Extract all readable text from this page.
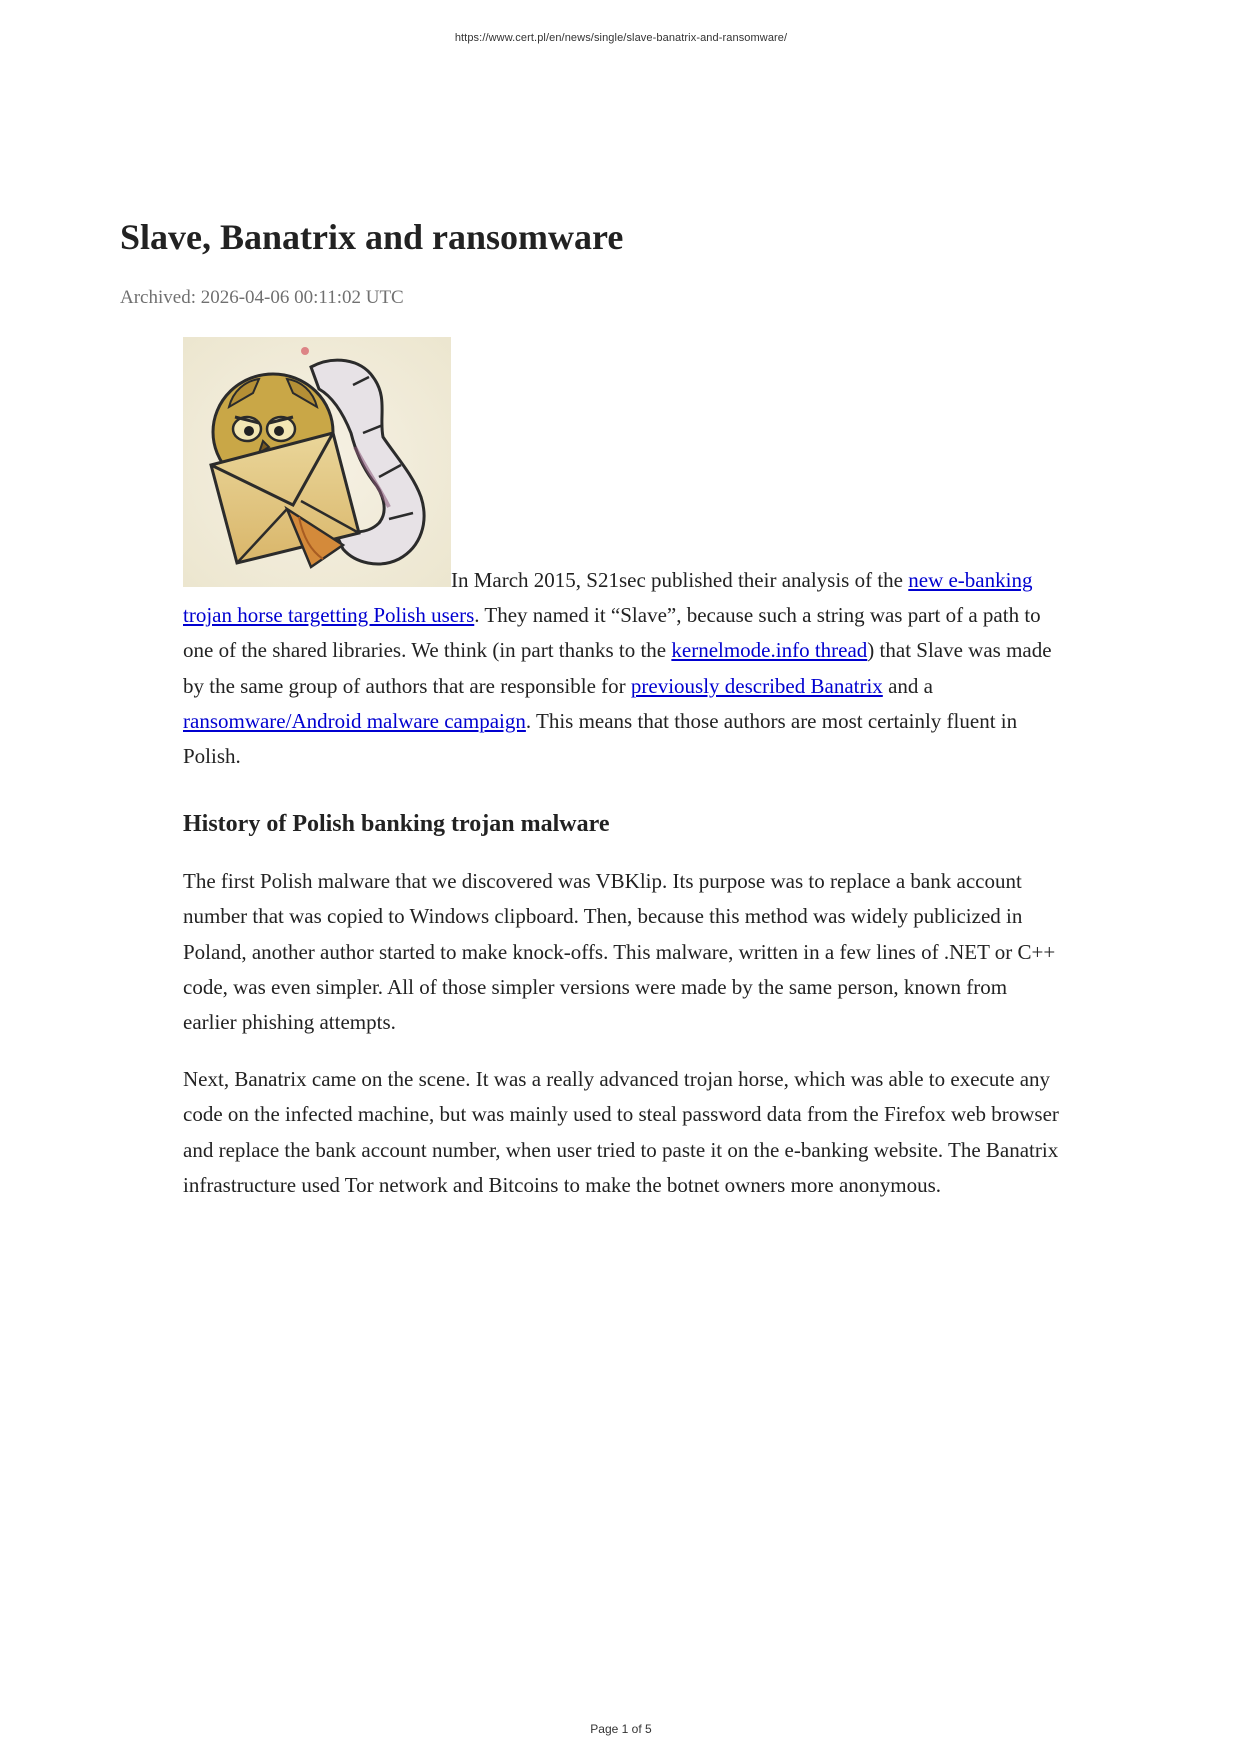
https://www.cert.pl/en/news/single/slave-banatrix-and-ransomware/
Slave, Banatrix and ransomware
Archived: 2026-04-06 00:11:02 UTC

In March 2015, S21sec published their analysis of the new e-banking trojan horse targetting Polish users. They named it “Slave”, because such a string was part of a path to one of the shared libraries. We think (in part thanks to the kernelmode.info thread) that Slave was made by the same group of authors that are responsible for previously described Banatrix and a ransomware/Android malware campaign. This means that those authors are most certainly fluent in Polish.

History of Polish banking trojan malware

The first Polish malware that we discovered was VBKlip. Its purpose was to replace a bank account number that was copied to Windows clipboard. Then, because this method was widely publicized in Poland, another author started to make knock-offs. This malware, written in a few lines of .NET or C++ code, was even simpler. All of those simpler versions were made by the same person, known from earlier phishing attempts.

Next, Banatrix came on the scene. It was a really advanced trojan horse, which was able to execute any code on the infected machine, but was mainly used to steal password data from the Firefox web browser and replace the bank account number, when user tried to paste it on the e-banking website. The Banatrix infrastructure used Tor network and Bitcoins to make the botnet owners more anonymous.

Page 1 of 5
